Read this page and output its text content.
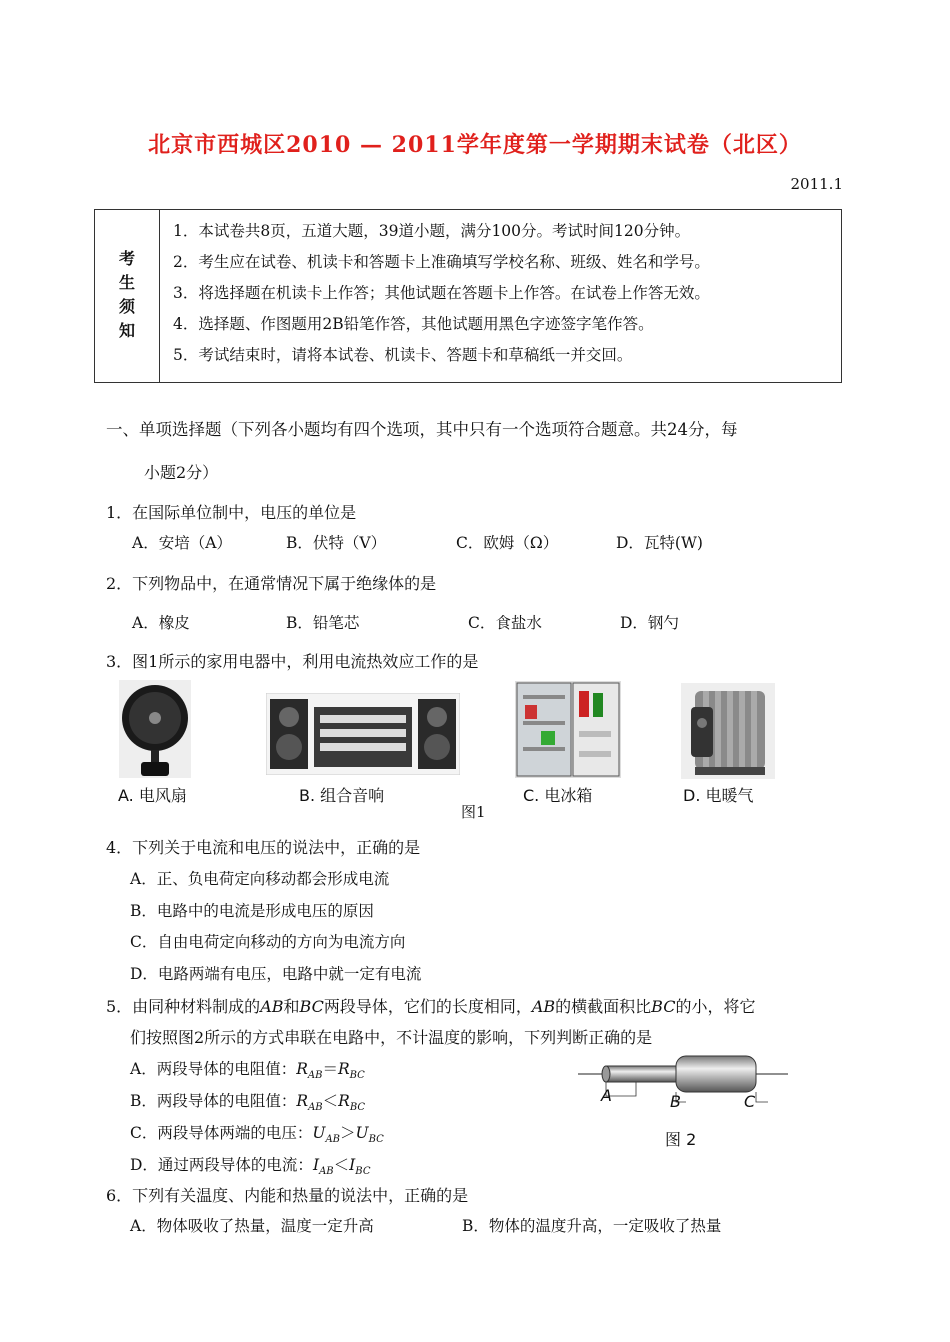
北京市西城区2010 — 2011学年度第一学期期末试卷（北区）
2011.1
考
生
须
知
1．本试卷共8页，五道大题，39道小题，满分100分。考试时间120分钟。
2．考生应在试卷、机读卡和答题卡上准确填写学校名称、班级、姓名和学号。
3．将选择题在机读卡上作答；其他试题在答题卡上作答。在试卷上作答无效。
4．选择题、作图题用2B铅笔作答，其他试题用黑色字迹签字笔作答。
5．考试结束时，请将本试卷、机读卡、答题卡和草稿纸一并交回。
一、单项选择题（下列各小题均有四个选项，其中只有一个选项符合题意。共24分，每
小题2分）
1．在国际单位制中，电压的单位是
A．安培（A）	B．伏特（V）	C．欧姆（Ω）	D．瓦特(W)
2．下列物品中，在通常情况下属于绝缘体的是
A．橡皮	B．铅笔芯	C．食盐水	D．钢勺
3．图1所示的家用电器中，利用电流热效应工作的是
A. 电风扇	B. 组合音响	C. 电冰箱	D. 电暖气
图1
4．下列关于电流和电压的说法中，正确的是
A．正、负电荷定向移动都会形成电流
B．电路中的电流是形成电压的原因
C．自由电荷定向移动的方向为电流方向
D．电路两端有电压，电路中就一定有电流
5．由同种材料制成的AB和BC两段导体，它们的长度相同，AB的横截面积比BC的小，将它
们按照图2所示的方式串联在电路中，不计温度的影响，下列判断正确的是
A．两段导体的电阻值：$R_{AB}=R_{BC}$
B．两段导体的电阻值：$R_{AB}<R_{BC}$
C．两段导体两端的电压：$U_{AB}>U_{BC}$
D．通过两段导体的电流：$I_{AB}<I_{BC}$
A	B	C
图 2
6．下列有关温度、内能和热量的说法中，正确的是
A．物体吸收了热量，温度一定升高	B．物体的温度升高，一定吸收了热量
